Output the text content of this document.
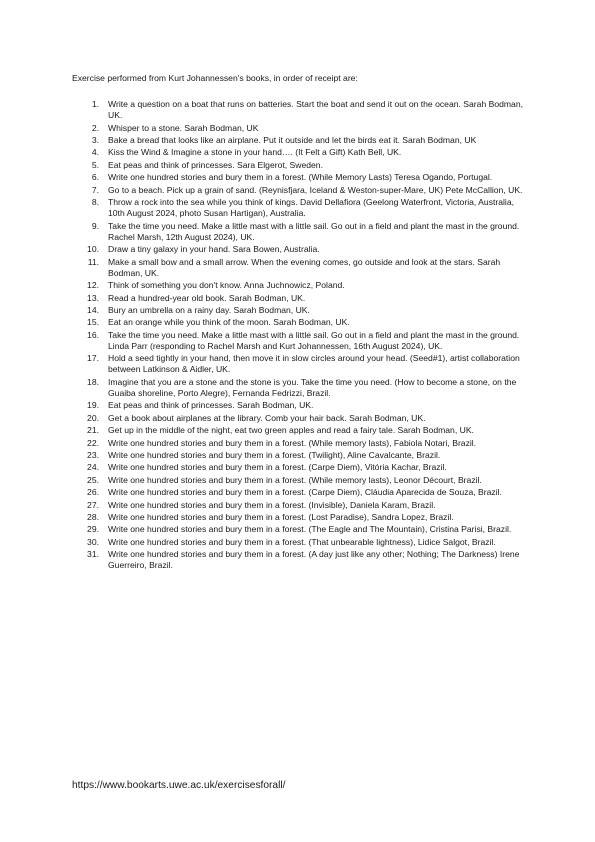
Exercise performed from Kurt Johannessen's books, in order of receipt are:
1. Write a question on a boat that runs on batteries. Start the boat and send it out on the ocean. Sarah Bodman, UK.
2. Whisper to a stone. Sarah Bodman, UK
3. Bake a bread that looks like an airplane. Put it outside and let the birds eat it. Sarah Bodman, UK
4. Kiss the Wind & Imagine a stone in your hand…. (It Felt a Gift) Kath Bell, UK.
5. Eat peas and think of princesses. Sara Elgerot, Sweden.
6. Write one hundred stories and bury them in a forest. (While Memory Lasts) Teresa Ogando, Portugal.
7. Go to a beach. Pick up a grain of sand. (Reynisfjara, Iceland & Weston-super-Mare, UK) Pete McCallion, UK.
8. Throw a rock into the sea while you think of kings. David Dellafiora (Geelong Waterfront, Victoria, Australia, 10th August 2024, photo Susan Hartigan), Australia.
9. Take the time you need. Make a little mast with a little sail. Go out in a field and plant the mast in the ground. Rachel Marsh, 12th August 2024), UK.
10. Draw a tiny galaxy in your hand. Sara Bowen, Australia.
11. Make a small bow and a small arrow. When the evening comes, go outside and look at the stars. Sarah Bodman, UK.
12. Think of something you don't know. Anna Juchnowicz, Poland.
13. Read a hundred-year old book. Sarah Bodman, UK.
14. Bury an umbrella on a rainy day. Sarah Bodman, UK.
15. Eat an orange while you think of the moon. Sarah Bodman, UK.
16. Take the time you need. Make a little mast with a little sail. Go out in a field and plant the mast in the ground. Linda Parr (responding to Rachel Marsh and Kurt Johannessen, 16th August 2024), UK.
17. Hold a seed tightly in your hand, then move it in slow circles around your head. (Seed#1), artist collaboration between Latkinson & Aidler, UK.
18. Imagine that you are a stone and the stone is you. Take the time you need. (How to become a stone, on the Guaiba shoreline, Porto Alegre), Fernanda Fedrizzi, Brazil.
19. Eat peas and think of princesses. Sarah Bodman, UK.
20. Get a book about airplanes at the library. Comb your hair back. Sarah Bodman, UK.
21. Get up in the middle of the night, eat two green apples and read a fairy tale. Sarah Bodman, UK.
22. Write one hundred stories and bury them in a forest. (While memory lasts), Fabiola Notari, Brazil.
23. Write one hundred stories and bury them in a forest. (Twilight), Aline Cavalcante, Brazil.
24. Write one hundred stories and bury them in a forest. (Carpe Diem), Vitória Kachar, Brazil.
25. Write one hundred stories and bury them in a forest. (While memory lasts), Leonor Décourt, Brazil.
26. Write one hundred stories and bury them in a forest. (Carpe Diem), Cláudia Aparecida de Souza, Brazil.
27. Write one hundred stories and bury them in a forest. (Invisible), Daniela Karam, Brazil.
28. Write one hundred stories and bury them in a forest. (Lost Paradise), Sandra Lopez, Brazil.
29. Write one hundred stories and bury them in a forest. (The Eagle and The Mountain), Cristina Parisi, Brazil.
30. Write one hundred stories and bury them in a forest. (That unbearable lightness), Lidice Salgot, Brazil.
31. Write one hundred stories and bury them in a forest. (A day just like any other; Nothing; The Darkness) Irene Guerreiro, Brazil.
https://www.bookarts.uwe.ac.uk/exercisesforall/
